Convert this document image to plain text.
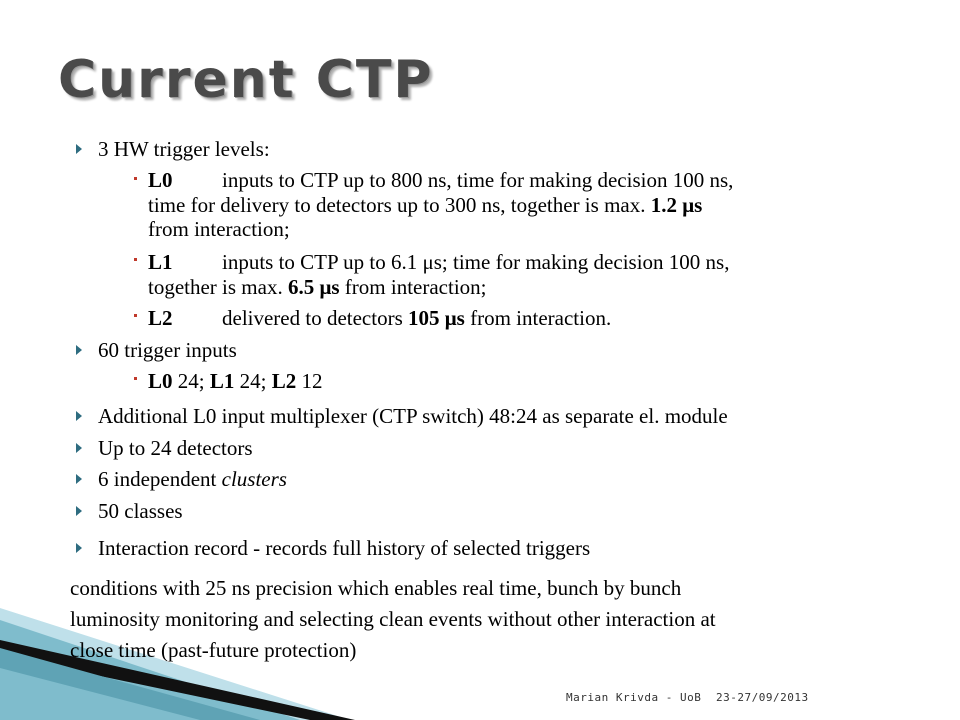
Current CTP
3 HW trigger levels:
L0 inputs to CTP up to 800 ns, time for making decision 100 ns,
time for delivery to detectors up to 300 ns, together is max. 1.2 μs
from interaction;
L1 inputs to CTP up to 6.1 μs; time for making decision 100 ns,
together is max. 6.5 μs from interaction;
L2 delivered to detectors 105 μs from interaction.
60 trigger inputs
L0 24; L1 24; L2 12
Additional L0 input multiplexer (CTP switch) 48:24 as separate el. module
Up to 24 detectors
6 independent clusters
50 classes
Interaction record - records full history of selected triggers
conditions with 25 ns precision which enables real time, bunch by bunch
luminosity monitoring and selecting clean events without other interaction at
close time (past-future protection)
Marian Krivda - UoB 23-27/09/2013
